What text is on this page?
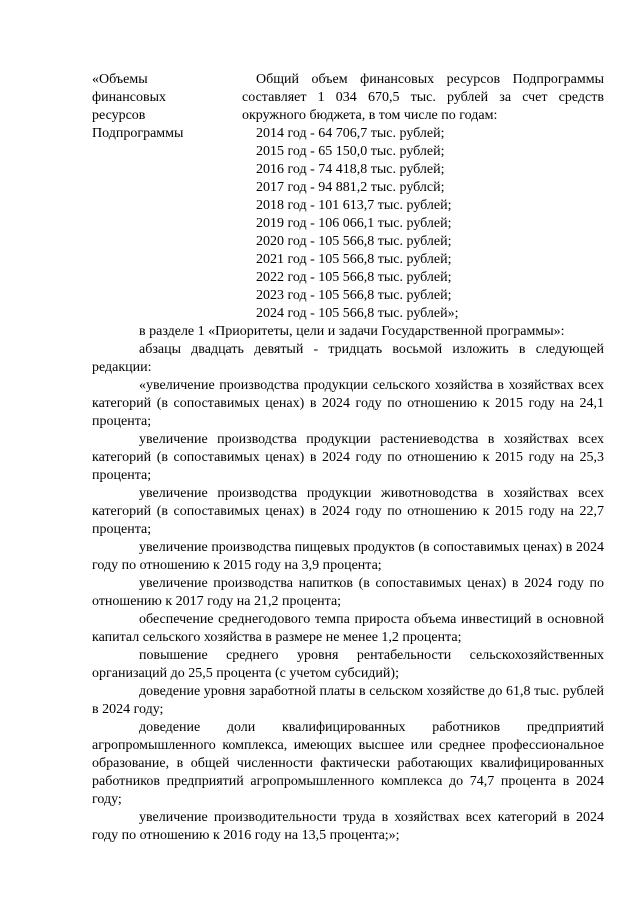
«Объемы
финансовых
ресурсов
Подпрограммы
Общий объем финансовых ресурсов Подпрограммы составляет 1 034 670,5 тыс. рублей за счет средств окружного бюджета, в том числе по годам:
2014 год - 64 706,7 тыс. рублей;
2015 год - 65 150,0 тыс. рублей;
2016 год - 74 418,8 тыс. рублей;
2017 год - 94 881,2 тыс. рублсй;
2018 год - 101 613,7 тыс. рублей;
2019 год - 106 066,1 тыс. рублей;
2020 год - 105 566,8 тыс. рублей;
2021 год - 105 566,8 тыс. рублей;
2022 год - 105 566,8 тыс. рублей;
2023 год - 105 566,8 тыс. рублей;
2024 год - 105 566,8 тыс. рублей»;

в разделе 1 «Приоритеты, цели и задачи Государственной программы»:

абзацы двадцать девятый - тридцать восьмой изложить в следующей редакции:

«увеличение производства продукции сельского хозяйства в хозяйствах всех категорий (в сопоставимых ценах) в 2024 году по отношению к 2015 году на 24,1 процента;

увеличение производства продукции растениеводства в хозяйствах всех категорий (в сопоставимых ценах) в 2024 году по отношению к 2015 году на 25,3 процента;

увеличение производства продукции животноводства в хозяйствах всех категорий (в сопоставимых ценах) в 2024 году по отношению к 2015 году на 22,7 процента;

увеличение производства пищевых продуктов (в сопоставимых ценах) в 2024 году по отношению к 2015 году на 3,9 процента;

увеличение производства напитков (в сопоставимых ценах) в 2024 году по отношению к 2017 году на 21,2 процента;

обеспечение среднегодового темпа прироста объема инвестиций в основной капитал сельского хозяйства в размере не менее 1,2 процента;

повышение среднего уровня рентабельности сельскохозяйственных организаций до 25,5 процента (с учетом субсидий);

доведение уровня заработной платы в сельском хозяйстве до 61,8 тыс. рублей в 2024 году;

доведение доли квалифицированных работников предприятий агропромышленного комплекса, имеющих высшее или среднее профессиональное образование, в общей численности фактически работающих квалифицированных работников предприятий агропромышленного комплекса до 74,7 процента в 2024 году;

увеличение производительности труда в хозяйствах всех категорий в 2024 году по отношению к 2016 году на 13,5 процента;»;
